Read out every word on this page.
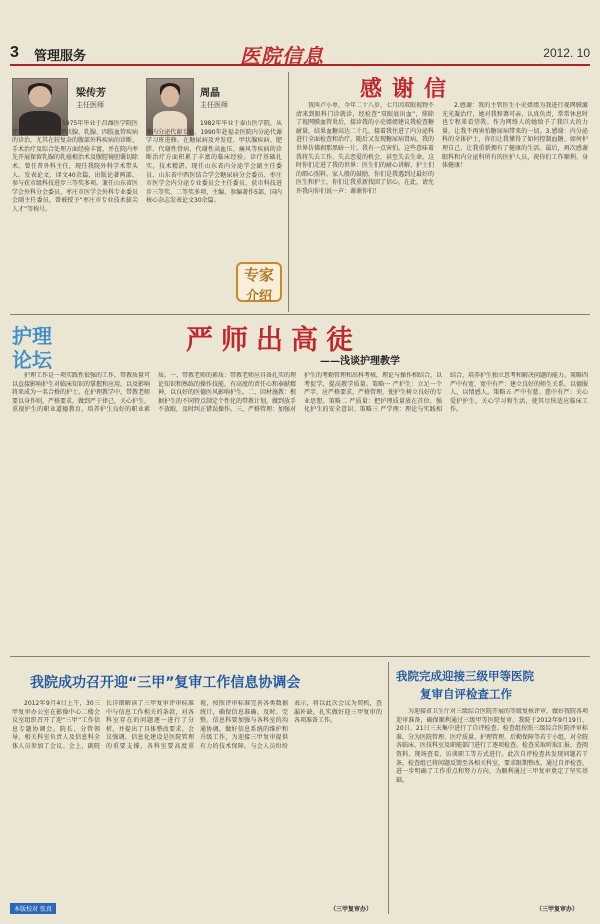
3 管理服务	医院信息	2012. 10
梁传芳
主任医师
1975年毕业于昌潍医学院医疗系，擅长腹部、甲状腺、乳腺、四肢血管疾病的诊治，尤其在较复杂的腹部外科疾病的诊断、手术治疗及综合处理方面经验丰富，并在院内率先开展保留乳腺的乳癌根治术及腹腔镜胆囊切除术。曾任普外科主任，现任我院外科学术带头人。发表论文、译文40余篇，出版论著两部，参与获市级科技进步三等奖多项。兼任山东省医学会外科分会委员、枣庄市医学会外科专业委员会副主任委员，曾被授予“枣庄市专业技术拔尖人才”等称号。
周晶
主任医师
1982年毕业于泰山医学院，从事内分泌代谢专业，1990年赴福金医院内分泌代谢学习班进修，在糖尿病及并发症、甲状腺疾病、肥胖、代谢性骨病、代谢性高血压、痛风等疾病的诊断治疗方面积累了丰富的临床经验。诊疗基础扎实，技术精湛。现任山东省内分泌学会副主任委员、山东省中西医结合学会糖尿病分会委员、枣庄市医学会内分泌专业委员会主任委员，获市科技进步三等奖、二等奖多项，主编、参编著作5部，国内核心杂志发表论文30余篇。
专家
介绍
感谢信
我叫卢小单，今年二十八岁，七月因双眼视物不清来到眼科门诊就诊，经检查“双眼底出血”，排除了视网膜血管炎后，接诊我的小史姐姐建议我检查糖耐量，结果血糖高达二十几，接着我住进了内分泌科进行全面检查和治疗，随后又发现糖尿病肾病，我的世界仿佛刹那黑暗一片，我有一点害怕。这些意味着我将失去工作、失去恋爱的机会，甚至失去生命，这时你们走进了我的世界：医生们的耐心讲解、护士们的细心照料、家人般的鼓励，你们是我遇到过最好的医生和护士，你们让我重新找回了信心。在此，请允许我向你们说一声：谢谢你们！
2.感谢：我的主管医生小史姐姐为我进行视网膜激光光凝治疗，她对我和蔼可亲、认真负责，常常休息时也专程来看望我。作为网络人的她给予了我巨大的力量，让我不再害怕糖尿病带来的一切。3.感谢：内分泌科的全体护士，你们让我懂得了如何控制血糖、如何护理自己，让我重新拥有了健康的生活。最后，再次感谢眼科和内分泌科所有的医护人员，祝你们工作顺利、身体健康！
护理
论坛
严师出高徒
——浅谈护理教学
护理工作是一项实践性很强的工作，带教质量可以直接影响护生对临床知识的掌握和应用，以及影响将来成为一名合格的护士。在护理教学中，带教老师要以身作则，严格要求，做到严于律己，关心护生，重视护生的职业道德教育，培养护生良好的职业素质。一、带教老师的素质：带教老师应具备扎实的理论知识和熟练的操作技能，有高度的责任心和奉献精神，以良好的医德医风影响护生。二、因材施教：根据护生的不同特点制定个性化的带教计划，做到放手不放眼，及时纠正错误操作。三、严格管理：加强对护生的考勤管理和出科考核，理论与操作相结合，以考促学，提高教学质量。策略一 严护生：立足一个严字，应严格要求、严格管理，使护生树立良好的专业思想。策略二 严质量：把护理质量放在首位，强化护生的安全意识。策略三 严学理：理论与实践相结合，培养护生独立思考和解决问题的能力。策略四 严中有宽、宽中有严：建立良好的师生关系，以德服人，以情感人。策略五 严中有慈、慈中有严：关心爱护护生，关心学习和生活，使其尽快适应临床工作。
我院成功召开迎“三甲”复审工作信息协调会
2012年9月4日上午，30三甲复审办公室在影像中心二楼会议室组织召开了迎“三甲”工作信息专题协调会，院长、分管领导、相关科室负责人及信息科全体人员参加了会议。会上，副院长详细解读了三甲复审评审标准中与信息工作相关的条款，对各科室存在的问题逐一进行了分析，并提出了具体整改要求。会议强调，信息化建设是医院管理的重要支撑，各科室要高度重视，按照评审标准完善各类数据统计，确保信息准确、及时、完整。信息科要加强与各科室的沟通协调，做好信息系统的维护和升级工作，为迎接三甲复审提供有力的技术保障。与会人员纷纷表示，将以此次会议为契机，查漏补缺，扎实做好迎三甲复审的各项准备工作。
（三甲复审办）
本版校对 张真
我院完成迎接三级甲等医院
复审自评检查工作
为迎接省卫生厅对三级综合医院开展的等级复核评审，做好我院各项迎审准备，确保顺利通过三级甲等医院复审，我院于2012年9月19日、20日、21日三天集中进行了自评检查。检查组按照三级综合医院评审标准，分为医院管理、医疗质量、护理管理、后勤保障等若干小组，对全院各临床、医技科室及职能部门进行了逐项检查。检查采取听取汇报、查阅资料、现场查看、访谈职工等方式进行。此次自评检查共发现问题若干条，检查组已将问题反馈至各相关科室，要求限期整改。通过自评检查，进一步明确了工作重点和努力方向，为顺利通过三甲复审奠定了坚实基础。
（三甲复审办）
